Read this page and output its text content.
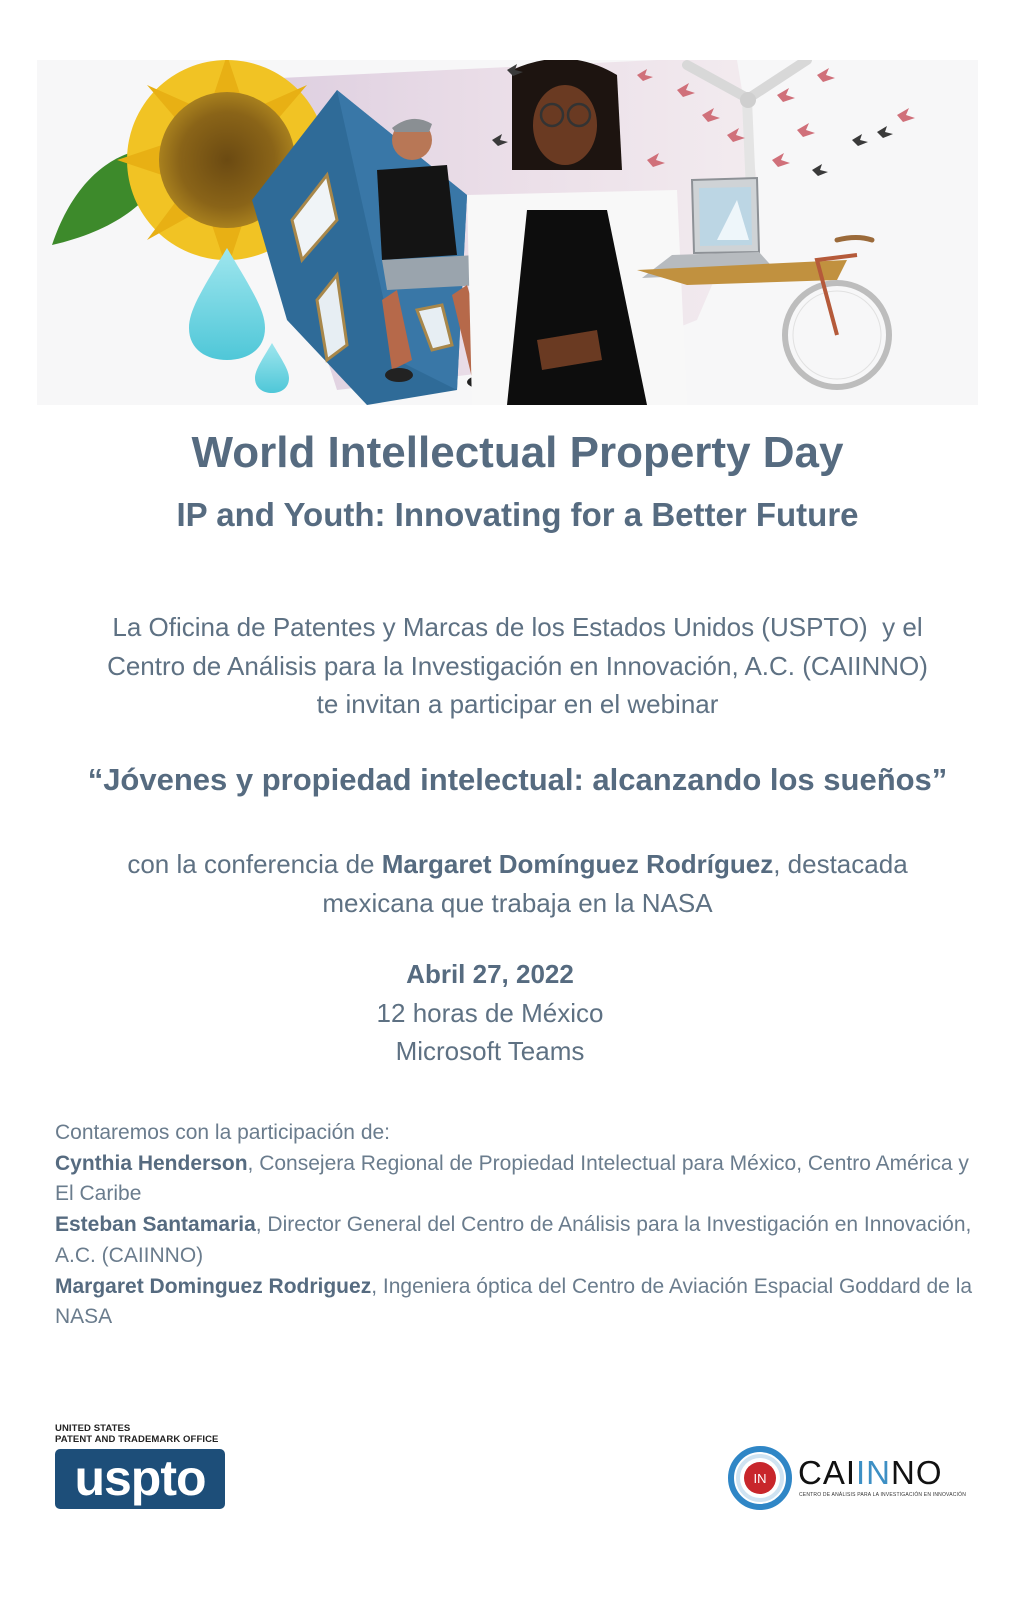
World Intellectual Property Day
IP and Youth: Innovating for a Better Future
La Oficina de Patentes y Marcas de los Estados Unidos (USPTO)  y el
Centro de Análisis para la Investigación en Innovación, A.C. (CAIINNO)
te invitan a participar en el webinar
“Jóvenes y propiedad intelectual: alcanzando los sueños”
con la conferencia de Margaret Domínguez Rodríguez, destacada
mexicana que trabaja en la NASA
Abril 27, 2022
12 horas de México
Microsoft Teams

Contaremos con la participación de:

Cynthia Henderson, Consejera Regional de Propiedad Intelectual para México, Centro América y El Caribe

Esteban Santamaria, Director General del Centro de Análisis para la Investigación en Innovación, A.C. (CAIINNO)

Margaret Dominguez Rodriguez, Ingeniera óptica del Centro de Aviación Espacial Goddard de la NASA

UNITED STATES
PATENT AND TRADEMARK OFFICE
uspto	IN CAIINNO
CENTRO DE ANÁLISIS PARA LA INVESTIGACIÓN EN INNOVACIÓN
